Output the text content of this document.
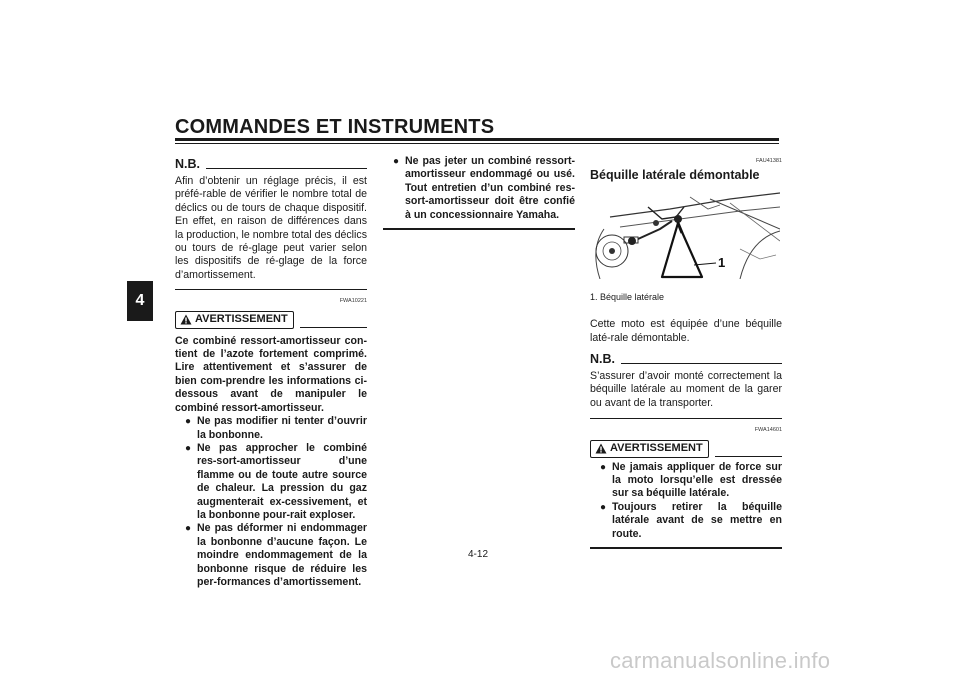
COMMANDES ET INSTRUMENTS
4
N.B.
Afin d’obtenir un réglage précis, il est préfé-rable de vérifier le nombre total de déclics ou de tours de chaque dispositif. En effet, en raison de différences dans la production, le nombre total des déclics ou tours de ré-glage peut varier selon les dispositifs de ré-glage de la force d’amortissement.
FWA10221
AVERTISSEMENT
Ce combiné ressort-amortisseur con-tient de l’azote fortement comprimé. Lire attentivement et s’assurer de bien com-prendre les informations ci-dessous avant de manipuler le combiné ressort-amortisseur.
● Ne pas modifier ni tenter d’ouvrir la bonbonne.
● Ne pas approcher le combiné res-sort-amortisseur d’une flamme ou de toute autre source de chaleur. La pression du gaz augmenterait ex-cessivement, et la bonbonne pour-rait exploser.
● Ne pas déformer ni endommager la bonbonne d’aucune façon. Le moindre endommagement de la bonbonne risque de réduire les per-formances d’amortissement.
● Ne pas jeter un combiné ressort-amortisseur endommagé ou usé. Tout entretien d’un combiné res-sort-amortisseur doit être confié à un concessionnaire Yamaha.
FAU41381
Béquille latérale démontable
1
1. Béquille latérale
Cette moto est équipée d’une béquille laté-rale démontable.
N.B.
S’assurer d’avoir monté correctement la béquille latérale au moment de la garer ou avant de la transporter.
FWA14601
AVERTISSEMENT
● Ne jamais appliquer de force sur la moto lorsqu’elle est dressée sur sa béquille latérale.
● Toujours retirer la béquille latérale avant de se mettre en route.
4-12
carmanualsonline.info
